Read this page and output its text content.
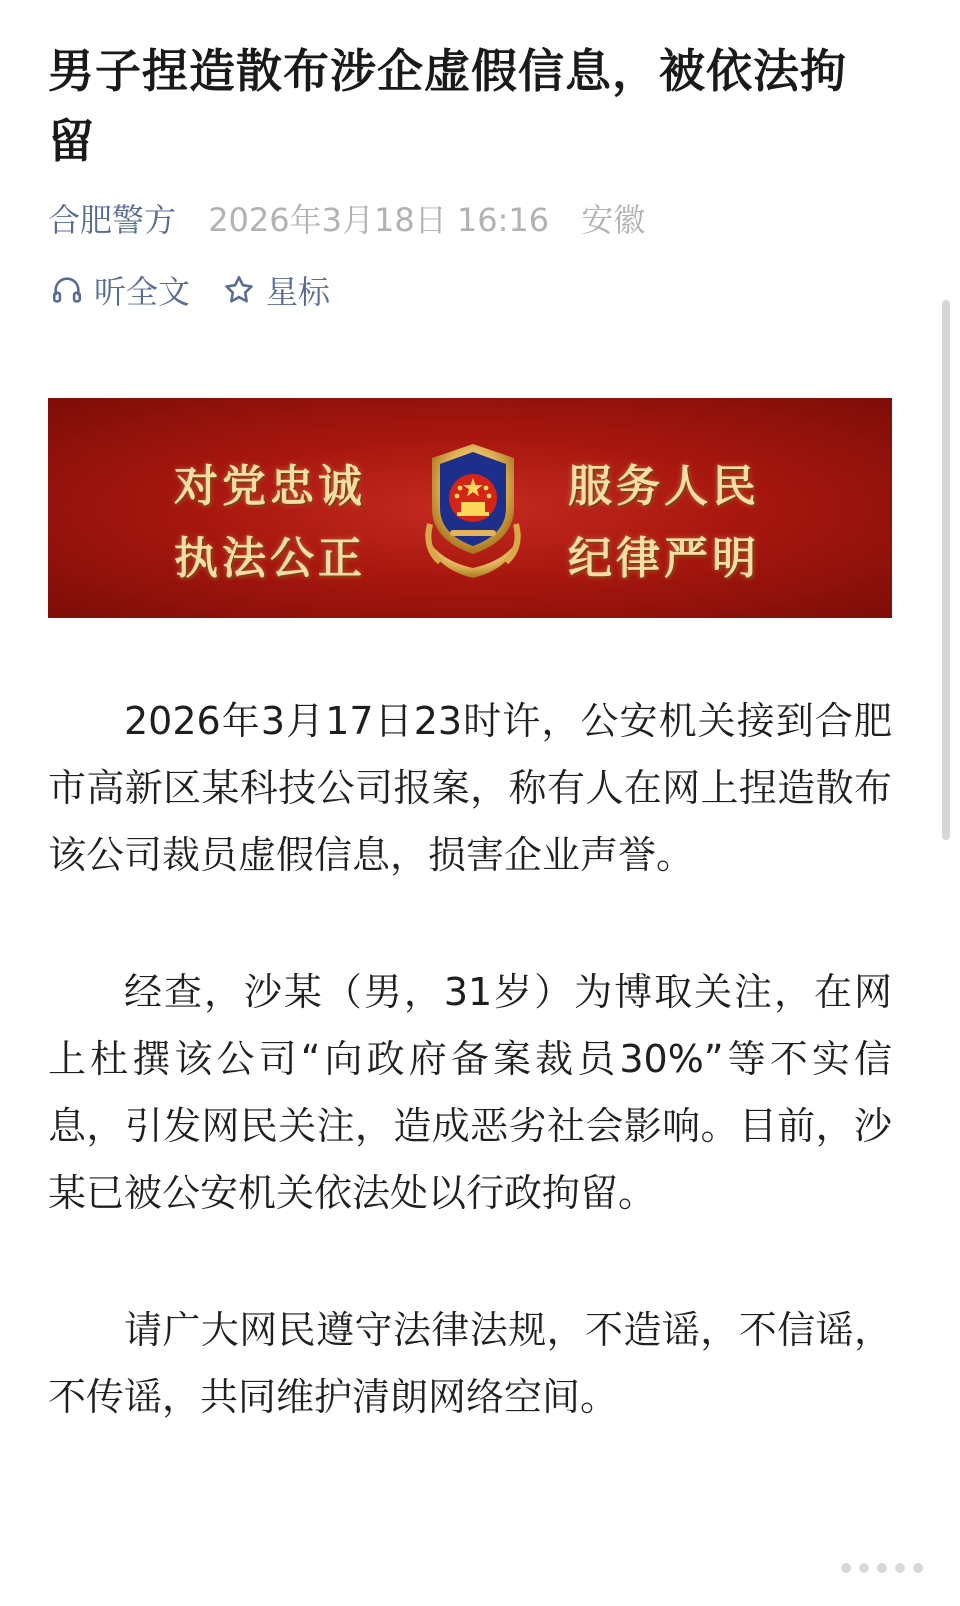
男子捏造散布涉企虚假信息，被依法拘留
合肥警方 2026年3月18日 16:16 安徽
听全文 星标
对党忠诚
执法公正
服务人民
纪律严明

2026年3月17日23时许，公安机关接到合肥市高新区某科技公司报案，称有人在网上捏造散布该公司裁员虚假信息，损害企业声誉。

经查，沙某（男，31岁）为博取关注，在网上杜撰该公司“向政府备案裁员30%”等不实信息，引发网民关注，造成恶劣社会影响。目前，沙某已被公安机关依法处以行政拘留。

请广大网民遵守法律法规，不造谣，不信谣，不传谣，共同维护清朗网络空间。
